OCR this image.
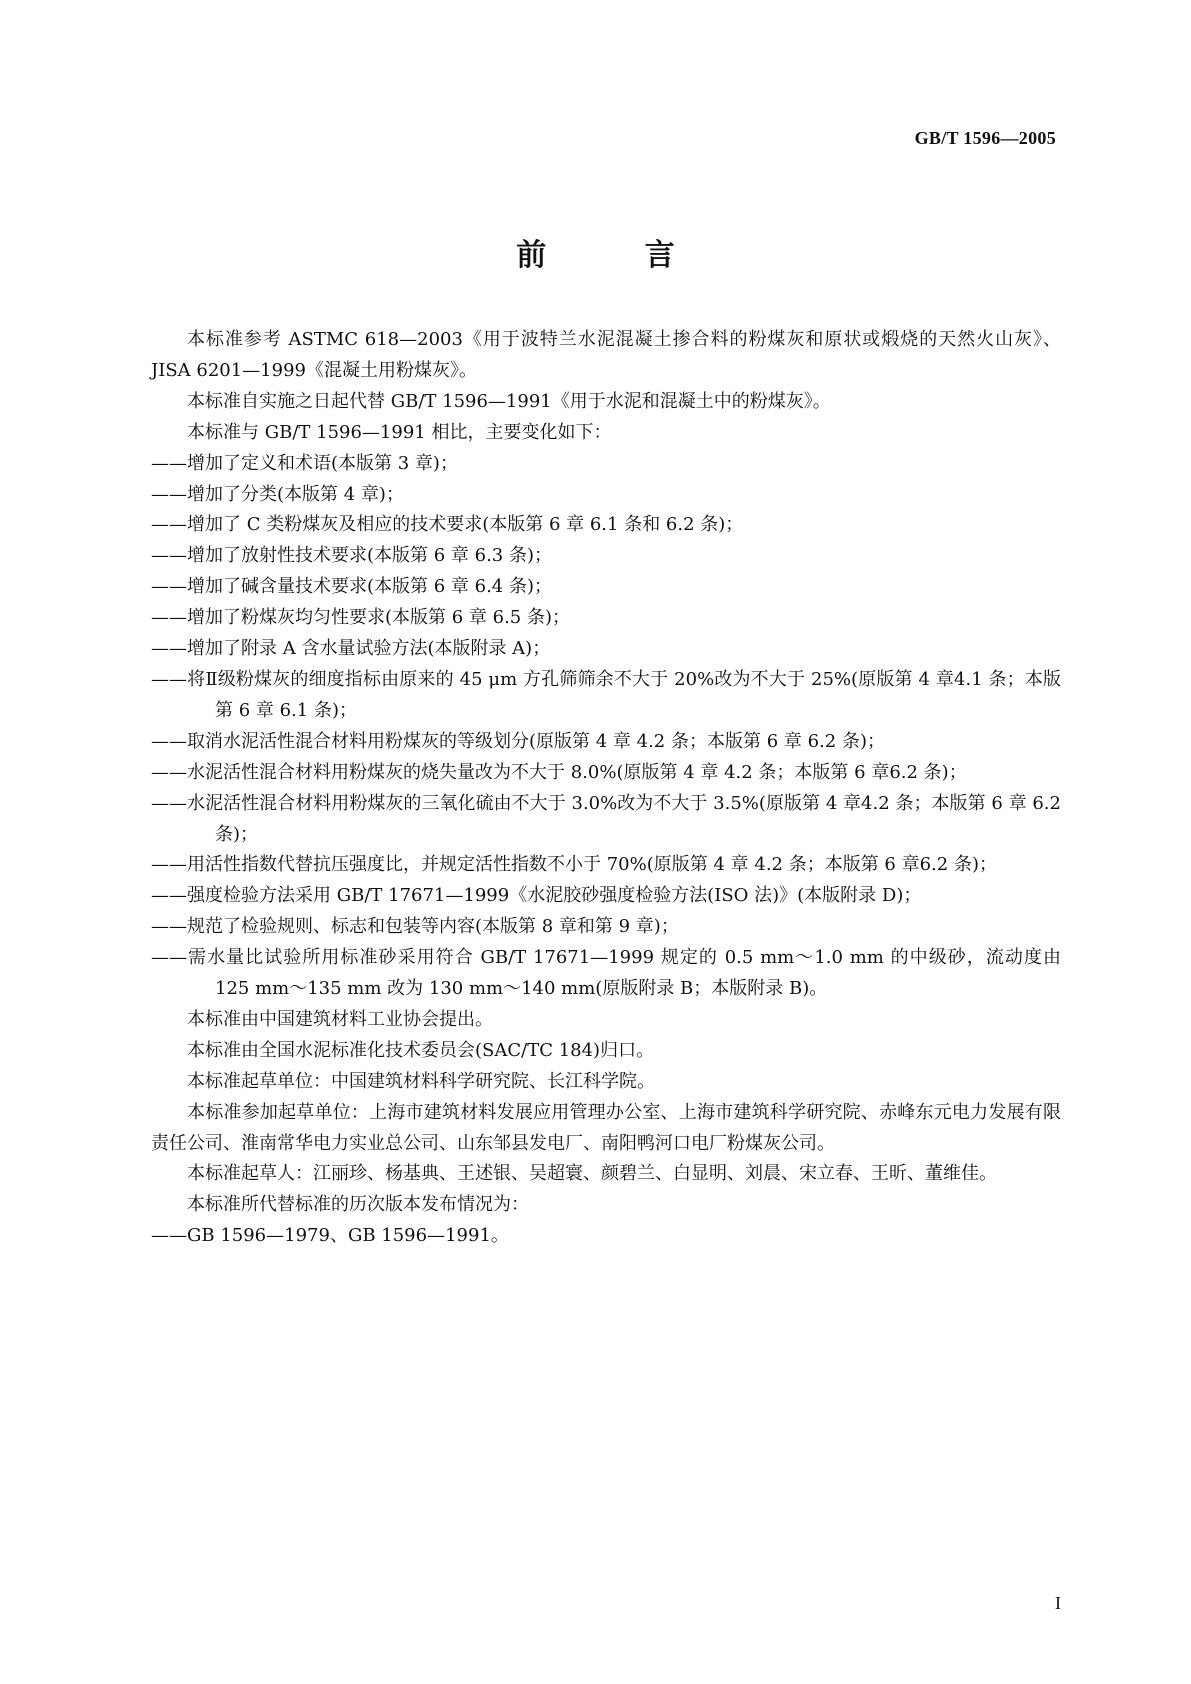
GB/T 1596—2005
前 言

本标准参考 ASTMC 618—2003《用于波特兰水泥混凝土掺合料的粉煤灰和原状或煅烧的天然火山灰》、JISA 6201—1999《混凝土用粉煤灰》。

本标准自实施之日起代替 GB/T 1596—1991《用于水泥和混凝土中的粉煤灰》。

本标准与 GB/T 1596—1991 相比，主要变化如下：

——增加了定义和术语(本版第 3 章)；

——增加了分类(本版第 4 章)；

——增加了 C 类粉煤灰及相应的技术要求(本版第 6 章 6.1 条和 6.2 条)；

——增加了放射性技术要求(本版第 6 章 6.3 条)；

——增加了碱含量技术要求(本版第 6 章 6.4 条)；

——增加了粉煤灰均匀性要求(本版第 6 章 6.5 条)；

——增加了附录 A 含水量试验方法(本版附录 A)；

——将Ⅱ级粉煤灰的细度指标由原来的 45 μm 方孔筛筛余不大于 20%改为不大于 25%(原版第 4 章4.1 条；本版第 6 章 6.1 条)；

——取消水泥活性混合材料用粉煤灰的等级划分(原版第 4 章 4.2 条；本版第 6 章 6.2 条)；

——水泥活性混合材料用粉煤灰的烧失量改为不大于 8.0%(原版第 4 章 4.2 条；本版第 6 章6.2 条)；

——水泥活性混合材料用粉煤灰的三氧化硫由不大于 3.0%改为不大于 3.5%(原版第 4 章4.2 条；本版第 6 章 6.2 条)；

——用活性指数代替抗压强度比，并规定活性指数不小于 70%(原版第 4 章 4.2 条；本版第 6 章6.2 条)；

——强度检验方法采用 GB/T 17671—1999《水泥胶砂强度检验方法(ISO 法)》(本版附录 D)；

——规范了检验规则、标志和包装等内容(本版第 8 章和第 9 章)；

——需水量比试验所用标准砂采用符合 GB/T 17671—1999 规定的 0.5 mm～1.0 mm 的中级砂，流动度由 125 mm～135 mm 改为 130 mm～140 mm(原版附录 B；本版附录 B)。

本标准由中国建筑材料工业协会提出。

本标准由全国水泥标准化技术委员会(SAC/TC 184)归口。

本标准起草单位：中国建筑材料科学研究院、长江科学院。

本标准参加起草单位：上海市建筑材料发展应用管理办公室、上海市建筑科学研究院、赤峰东元电力发展有限责任公司、淮南常华电力实业总公司、山东邹县发电厂、南阳鸭河口电厂粉煤灰公司。

本标准起草人：江丽珍、杨基典、王述银、吴超寰、颜碧兰、白显明、刘晨、宋立春、王昕、董维佳。

本标准所代替标准的历次版本发布情况为：

——GB 1596—1979、GB 1596—1991。

I
